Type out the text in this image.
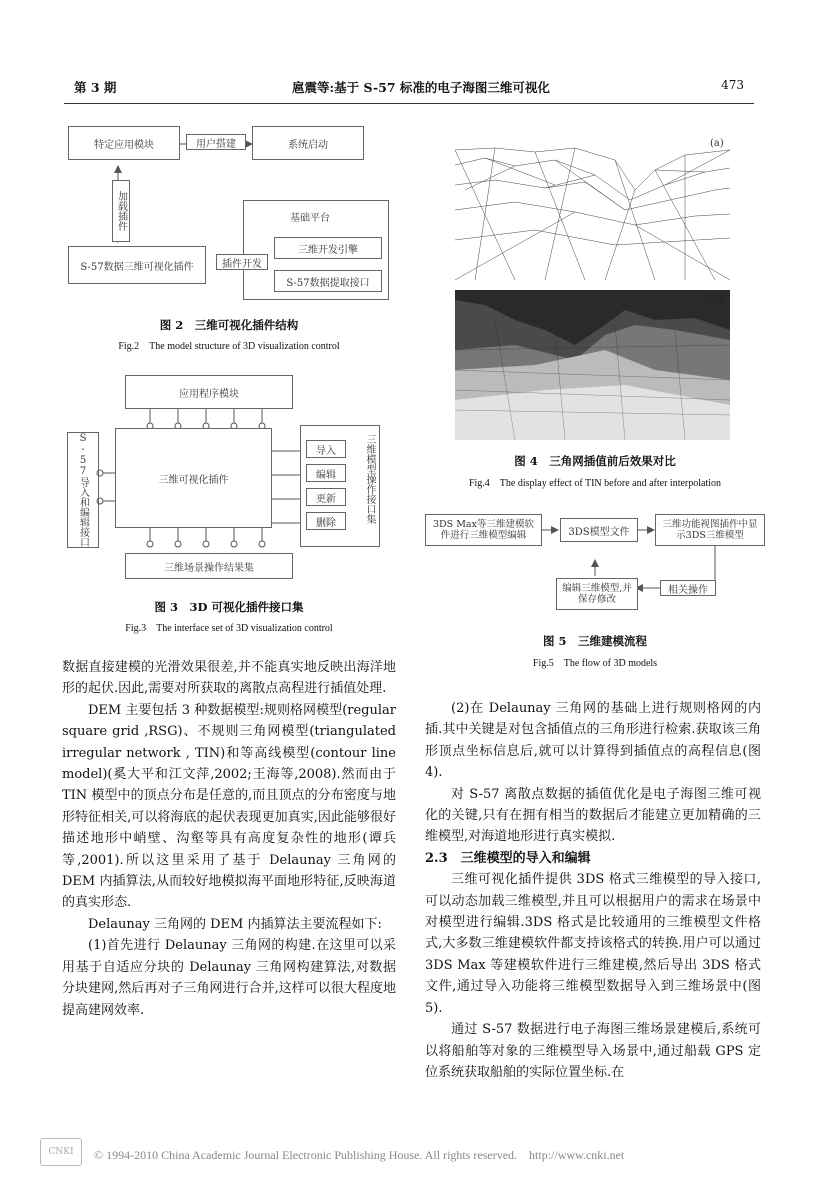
第 3 期	扈震等:基于 S-57 标准的电子海图三维可视化	473
特定应用模块	用户搭建	系统启动
加载插件	基础平台
三维开发引擎
S-57数据提取接口
插件开发
S-57数据三维可视化插件
图 2　三维可视化插件结构
Fig.2　The model structure of 3D visualization control
应用程序模块
S-57导入和编辑接口	三维可视化插件	三维模型操作接口集
导入
编辑
更新
删除
三维场景操作结果集
图 3　3D 可视化插件接口集
Fig.3　The interface set of 3D visualization control
(a)
(b)
图 4　三角网插值前后效果对比
Fig.4　The display effect of TIN before and after interpolation
3DS Max等三维建模软件进行三维模型编辑	3DS模型文件
三维功能视图插件中显示3DS三维模型
编辑三维模型,并保存修改
相关操作
图 5　三维建模流程
Fig.5　The flow of 3D models

数据直接建模的光滑效果很差,并不能真实地反映出海洋地形的起伏.因此,需要对所获取的离散点高程进行插值处理.

DEM 主要包括 3 种数据模型:规则格网模型(regular square grid ,RSG)、不规则三角网模型(triangulated irregular network , TIN)和等高线模型(contour line model)(奚大平和江文萍,2002;王海等,2008).然而由于 TIN 模型中的顶点分布是任意的,而且顶点的分布密度与地形特征相关,可以将海底的起伏表现更加真实,因此能够很好描述地形中峭壁、沟壑等具有高度复杂性的地形(谭兵等,2001).所以这里采用了基于 Delaunay 三角网的 DEM 内插算法,从而较好地模拟海平面地形特征,反映海道的真实形态.

Delaunay 三角网的 DEM 内插算法主要流程如下:

(1)首先进行 Delaunay 三角网的构建.在这里可以采用基于自适应分块的 Delaunay 三角网构建算法,对数据分块建网,然后再对子三角网进行合并,这样可以很大程度地提高建网效率.

(2)在 Delaunay 三角网的基础上进行规则格网的内插.其中关键是对包含插值点的三角形进行检索.获取该三角形顶点坐标信息后,就可以计算得到插值点的高程信息(图 4).

对 S-57 离散点数据的插值优化是电子海图三维可视化的关键,只有在拥有相当的数据后才能建立更加精确的三维模型,对海道地形进行真实模拟.

2.3　三维模型的导入和编辑

三维可视化插件提供 3DS 格式三维模型的导入接口,可以动态加载三维模型,并且可以根据用户的需求在场景中对模型进行编辑.3DS 格式是比较通用的三维模型文件格式,大多数三维建模软件都支持该格式的转换.用户可以通过 3DS Max 等建模软件进行三维建模,然后导出 3DS 格式文件,通过导入功能将三维模型数据导入到三维场景中(图 5).

通过 S-57 数据进行电子海图三维场景建模后,系统可以将船舶等对象的三维模型导入场景中,通过船载 GPS 定位系统获取船舶的实际位置坐标.在

CNKI	© 1994-2010 China Academic Journal Electronic Publishing House. All rights reserved.　http://www.cnki.net
